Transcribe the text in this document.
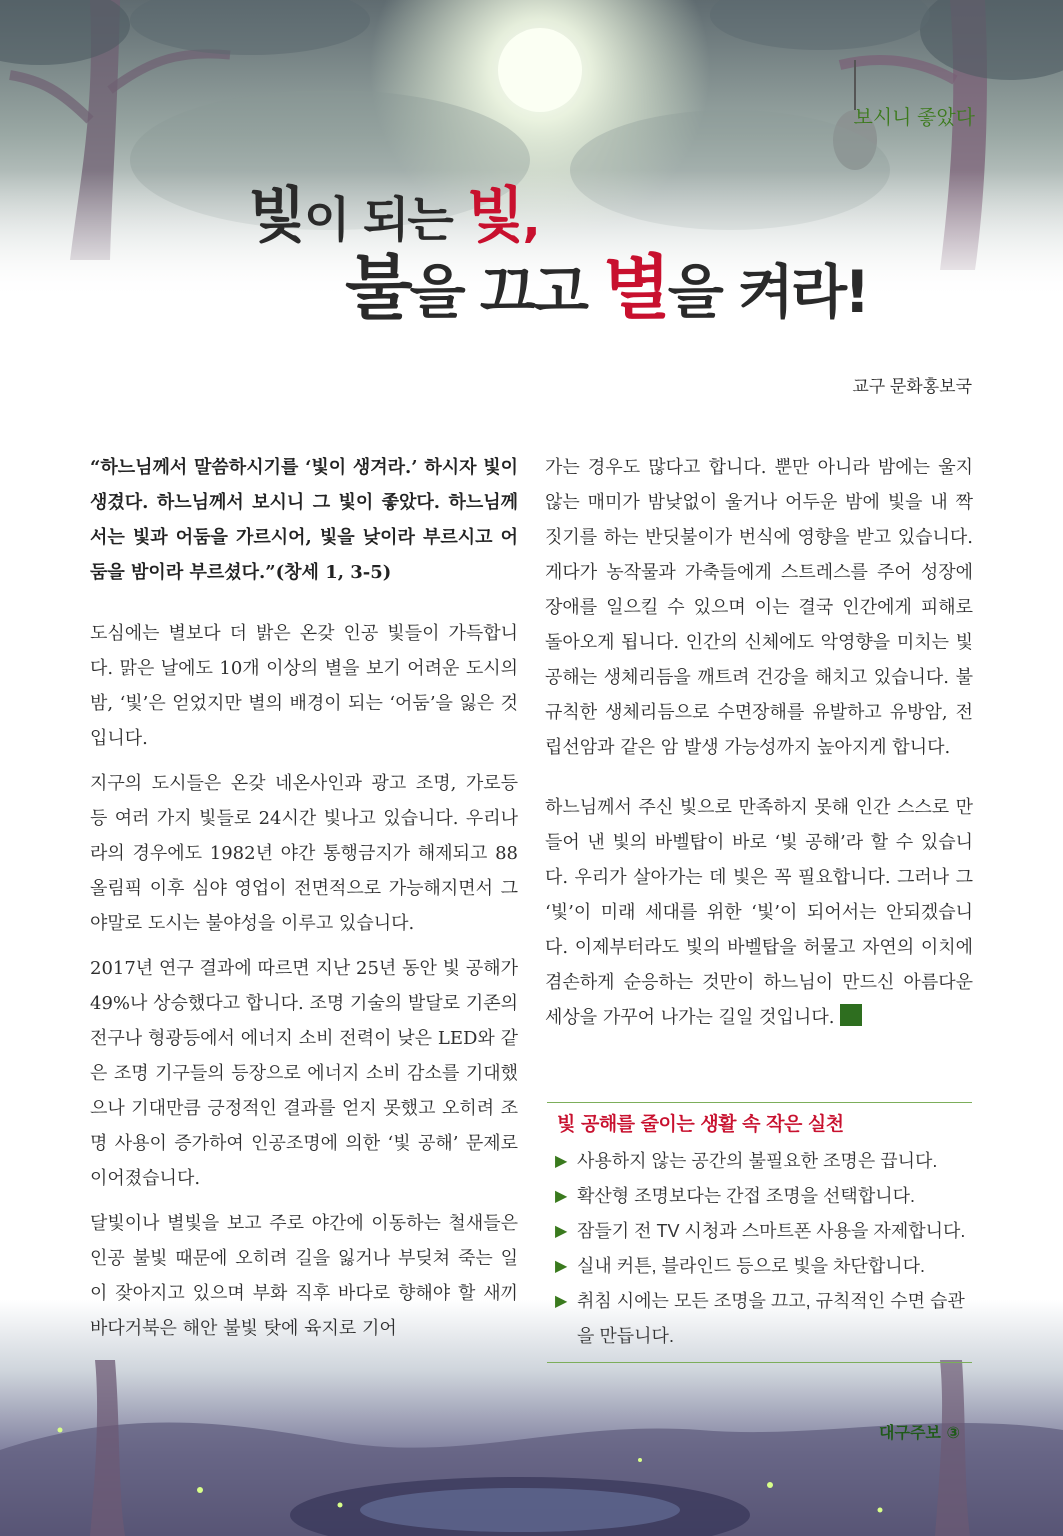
보시니 좋았다
빛이 되는 빛,
불을 끄고 별을 켜라!
교구 문화홍보국

“하느님께서 말씀하시기를 ‘빛이 생겨라.’ 하시자 빛이 생겼다. 하느님께서 보시니 그 빛이 좋았다. 하느님께서는 빛과 어둠을 가르시어, 빛을 낮이라 부르시고 어둠을 밤이라 부르셨다.”(창세 1, 3-5)

도심에는 별보다 더 밝은 온갖 인공 빛들이 가득합니다. 맑은 날에도 10개 이상의 별을 보기 어려운 도시의 밤, ‘빛’은 얻었지만 별의 배경이 되는 ‘어둠’을 잃은 것입니다.

지구의 도시들은 온갖 네온사인과 광고 조명, 가로등 등 여러 가지 빛들로 24시간 빛나고 있습니다. 우리나라의 경우에도 1982년 야간 통행금지가 해제되고 88올림픽 이후 심야 영업이 전면적으로 가능해지면서 그야말로 도시는 불야성을 이루고 있습니다.

2017년 연구 결과에 따르면 지난 25년 동안 빛 공해가 49%나 상승했다고 합니다. 조명 기술의 발달로 기존의 전구나 형광등에서 에너지 소비 전력이 낮은 LED와 같은 조명 기구들의 등장으로 에너지 소비 감소를 기대했으나 기대만큼 긍정적인 결과를 얻지 못했고 오히려 조명 사용이 증가하여 인공조명에 의한 ‘빛 공해’ 문제로 이어졌습니다.

달빛이나 별빛을 보고 주로 야간에 이동하는 철새들은 인공 불빛 때문에 오히려 길을 잃거나 부딪쳐 죽는 일이 잦아지고 있으며 부화 직후 바다로 향해야 할 새끼 바다거북은 해안 불빛 탓에 육지로 기어

가는 경우도 많다고 합니다. 뿐만 아니라 밤에는 울지 않는 매미가 밤낮없이 울거나 어두운 밤에 빛을 내 짝짓기를 하는 반딧불이가 번식에 영향을 받고 있습니다. 게다가 농작물과 가축들에게 스트레스를 주어 성장에 장애를 일으킬 수 있으며 이는 결국 인간에게 피해로 돌아오게 됩니다. 인간의 신체에도 악영향을 미치는 빛 공해는 생체리듬을 깨트려 건강을 해치고 있습니다. 불규칙한 생체리듬으로 수면장해를 유발하고 유방암, 전립선암과 같은 암 발생 가능성까지 높아지게 합니다.

하느님께서 주신 빛으로 만족하지 못해 인간 스스로 만들어 낸 빛의 바벨탑이 바로 ‘빛 공해’라 할 수 있습니다. 우리가 살아가는 데 빛은 꼭 필요합니다. 그러나 그 ‘빛’이 미래 세대를 위한 ‘빛’이 되어서는 안되겠습니다. 이제부터라도 빛의 바벨탑을 허물고 자연의 이치에 겸손하게 순응하는 것만이 하느님이 만드신 아름다운 세상을 가꾸어 나가는 길일 것입니다.

빛 공해를 줄이는 생활 속 작은 실천
▶ 사용하지 않는 공간의 불필요한 조명은 끕니다.
▶ 확산형 조명보다는 간접 조명을 선택합니다.
▶ 잠들기 전 TV 시청과 스마트폰 사용을 자제합니다.
▶ 실내 커튼, 블라인드 등으로 빛을 차단합니다.
▶ 취침 시에는 모든 조명을 끄고, 규칙적인 수면 습관을 만듭니다.
대구주보 ③
